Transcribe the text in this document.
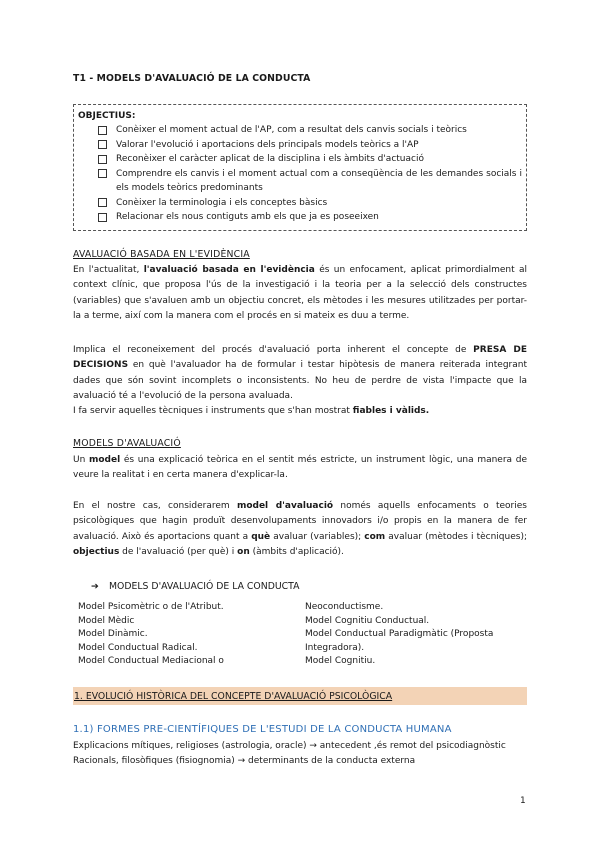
T1 - MODELS D'AVALUACIÓ DE LA CONDUCTA
OBJECTIUS:
Conèixer el moment actual de l'AP, com a resultat dels canvis socials i teòrics
Valorar l'evolució i aportacions dels principals models teòrics a l'AP
Reconèixer el caràcter aplicat de la disciplina i els àmbits d'actuació
Comprendre els canvis i el moment actual com a conseqüència de les demandes socials i els models teòrics predominants
Conèixer la terminologia i els conceptes bàsics
Relacionar els nous contiguts amb els que ja es poseeixen
AVALUACIÓ BASADA EN L'EVIDÈNCIA
En l'actualitat, l'avaluació basada en l'evidència és un enfocament, aplicat primordialment al context clínic, que proposa l'ús de la investigació i la teoria per a la selecció dels constructes (variables) que s'avaluen amb un objectiu concret, els mètodes i les mesures utilitzades per portar-la a terme, així com la manera com el procés en si mateix es duu a terme.
Implica el reconeixement del procés d'avaluació porta inherent el concepte de PRESA DE DECISIONS en què l'avaluador ha de formular i testar hipòtesis de manera reiterada integrant dades que són sovint incomplets o inconsistents. No heu de perdre de vista l'impacte que la avaluació té a l'evolució de la persona avaluada.
I fa servir aquelles tècniques i instruments que s'han mostrat fiables i vàlids.
MODELS D'AVALUACIÓ
Un model és una explicació teòrica en el sentit més estricte, un instrument lògic, una manera de veure la realitat i en certa manera d'explicar-la.
En el nostre cas, considerarem model d'avaluació només aquells enfocaments o teories psicològiques que hagin produït desenvolupaments innovadors i/o propis en la manera de fer avaluació. Això és aportacions quant a què avaluar (variables); com avaluar (mètodes i tècniques); objectius de l'avaluació (per què) i on (àmbits d'aplicació).
➔	MODELS D'AVALUACIÓ DE LA CONDUCTA
Model Psicomètric o de l'Atribut.
Model Mèdic
Model Dinàmic.
Model Conductual Radical.
Model Conductual Mediacional o
Neoconductisme.
Model Cognitiu Conductual.
Model Conductual Paradigmàtic (Proposta Integradora).
Model Cognitiu.
1. EVOLUCIÓ HISTÒRICA DEL CONCEPTE D'AVALUACIÓ PSICOLÒGICA
1.1) FORMES PRE-CIENTÍFIQUES DE L'ESTUDI DE LA CONDUCTA HUMANA
Explicacions mítiques, religioses (astrologia, oracle) → antecedent ,és remot del psicodiagnòstic
Racionals, filosòfiques (fisiognomia) → determinants de la conducta externa
1
